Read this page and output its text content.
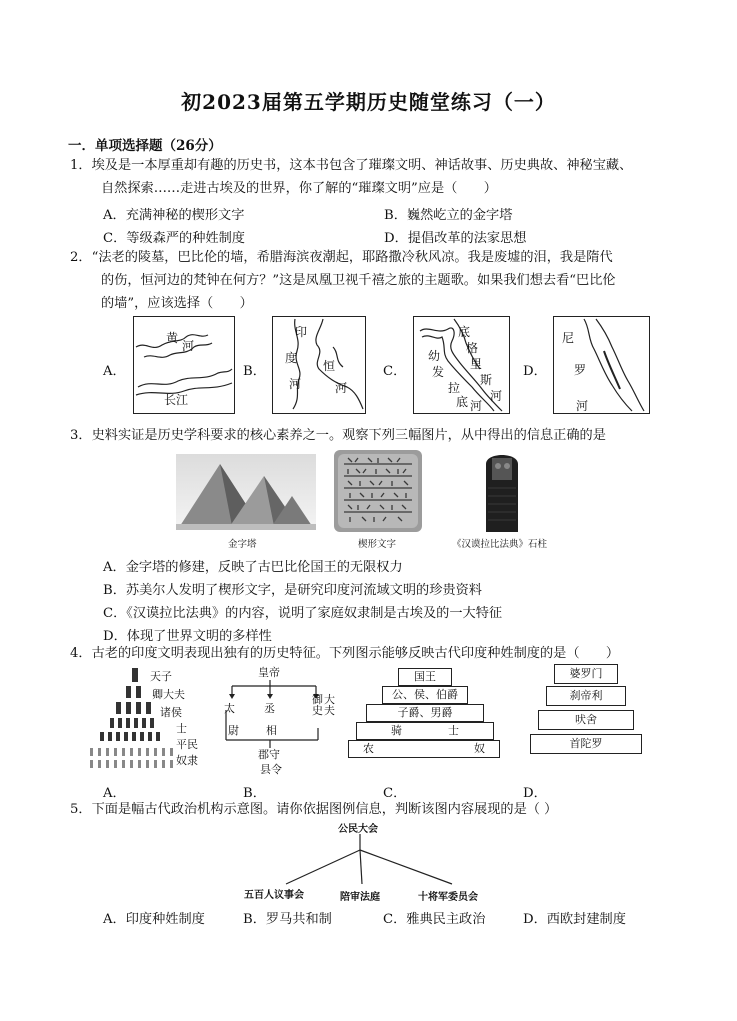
初2023届第五学期历史随堂练习（一）
一．单项选择题（26分）
1．埃及是一本厚重却有趣的历史书，这本书包含了璀璨文明、神话故事、历史典故、神秘宝藏、
自然探索……走进古埃及的世界，你了解的“璀璨文明”应是（　　）
A．充满神秘的楔形文字	B．巍然屹立的金字塔
C．等级森严的种姓制度	D．提倡改革的法家思想
2．“法老的陵墓，巴比伦的墙，希腊海滨夜潮起，耶路撒冷秋风凉。我是废墟的泪，我是隋代
的伤，恒河边的梵钟在何方？”这是凤凰卫视千禧之旅的主题歌。如果我们想去看“巴比伦
的墙”，应该选择（　　）
A．
黄
河
长江
B．
印
度
河
恒
河
C．
底
格
里
斯
河
幼
发
拉
底 河
D．
尼
罗
河
3．史料实证是历史学科要求的核心素养之一。观察下列三幅图片，从中得出的信息正确的是
金字塔	楔形文字	《汉谟拉比法典》石柱
A．金字塔的修建，反映了古巴比伦国王的无限权力
B．苏美尔人发明了楔形文字，是研究印度河流域文明的珍贵资料
C．《汉谟拉比法典》的内容，说明了家庭奴隶制是古埃及的一大特征
D．体现了世界文明的多样性
4．古老的印度文明表现出独有的历史特征。下列图示能够反映古代印度种姓制度的是（　　）
天子
卿大夫
诸侯
士
平民
奴隶
A．
皇帝
太	丞
御史
大夫
尉 相
郡守
县令
B．
国王
公、侯、伯爵
子爵、男爵
骑	士
农	奴
C．
婆罗门
刹帝利
吠舍
首陀罗
D．
5．下面是幅古代政治机构示意图。请你依据图例信息，判断该图内容展现的是（ ）
公民大会
五百人议事会	陪审法庭	十将军委员会
A．印度种姓制度	B．罗马共和制	C．雅典民主政治	D．西欧封建制度
